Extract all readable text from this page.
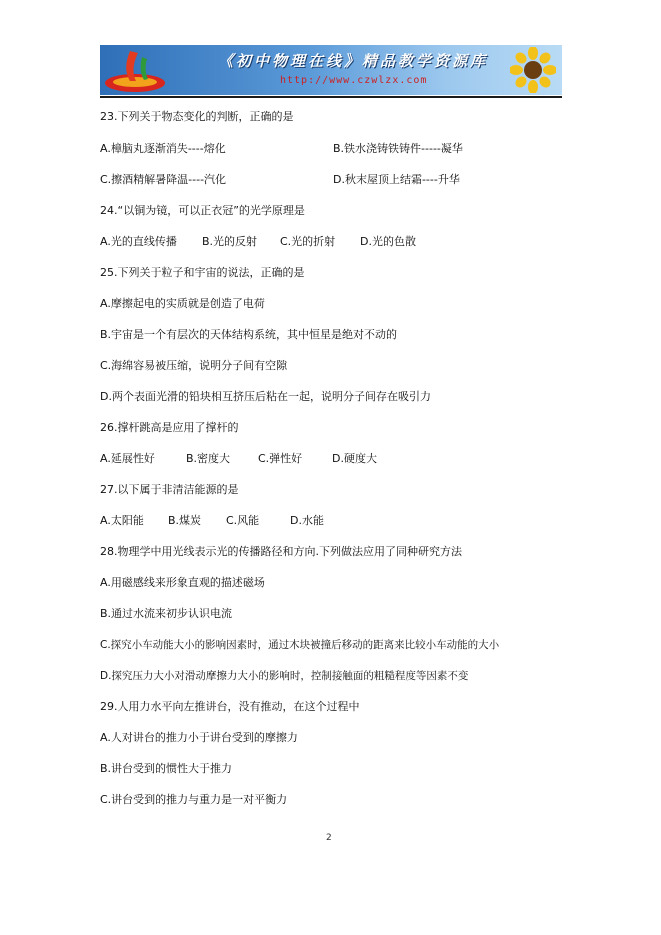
《初中物理在线》精品教学资源库
http://www.czwlzx.com
23.下列关于物态变化的判断，正确的是
A.樟脑丸逐渐消失----熔化	B.铁水浇铸铁铸件-----凝华
C.擦酒精解暑降温----汽化	D.秋末屋顶上结霜----升华
24.“以铜为镜，可以正衣冠”的光学原理是
A.光的直线传播 B.光的反射 C.光的折射 D.光的色散
25.下列关于粒子和宇宙的说法，正确的是
A.摩擦起电的实质就是创造了电荷
B.宇宙是一个有层次的天体结构系统，其中恒星是绝对不动的
C.海绵容易被压缩，说明分子间有空隙
D.两个表面光滑的铅块相互挤压后粘在一起，说明分子间存在吸引力
26.撑杆跳高是应用了撑杆的
A.延展性好	B.密度大	C.弹性好	D.硬度大
27.以下属于非清洁能源的是
A.太阳能 B.煤炭 C.风能	D.水能
28.物理学中用光线表示光的传播路径和方向.下列做法应用了同种研究方法
A.用磁感线来形象直观的描述磁场
B.通过水流来初步认识电流
C.探究小车动能大小的影响因素时，通过木块被撞后移动的距离来比较小车动能的大小
D.探究压力大小对滑动摩擦力大小的影响时，控制接触面的粗糙程度等因素不变
29.人用力水平向左推讲台，没有推动，在这个过程中
A.人对讲台的推力小于讲台受到的摩擦力
B.讲台受到的惯性大于推力
C.讲台受到的推力与重力是一对平衡力
2
